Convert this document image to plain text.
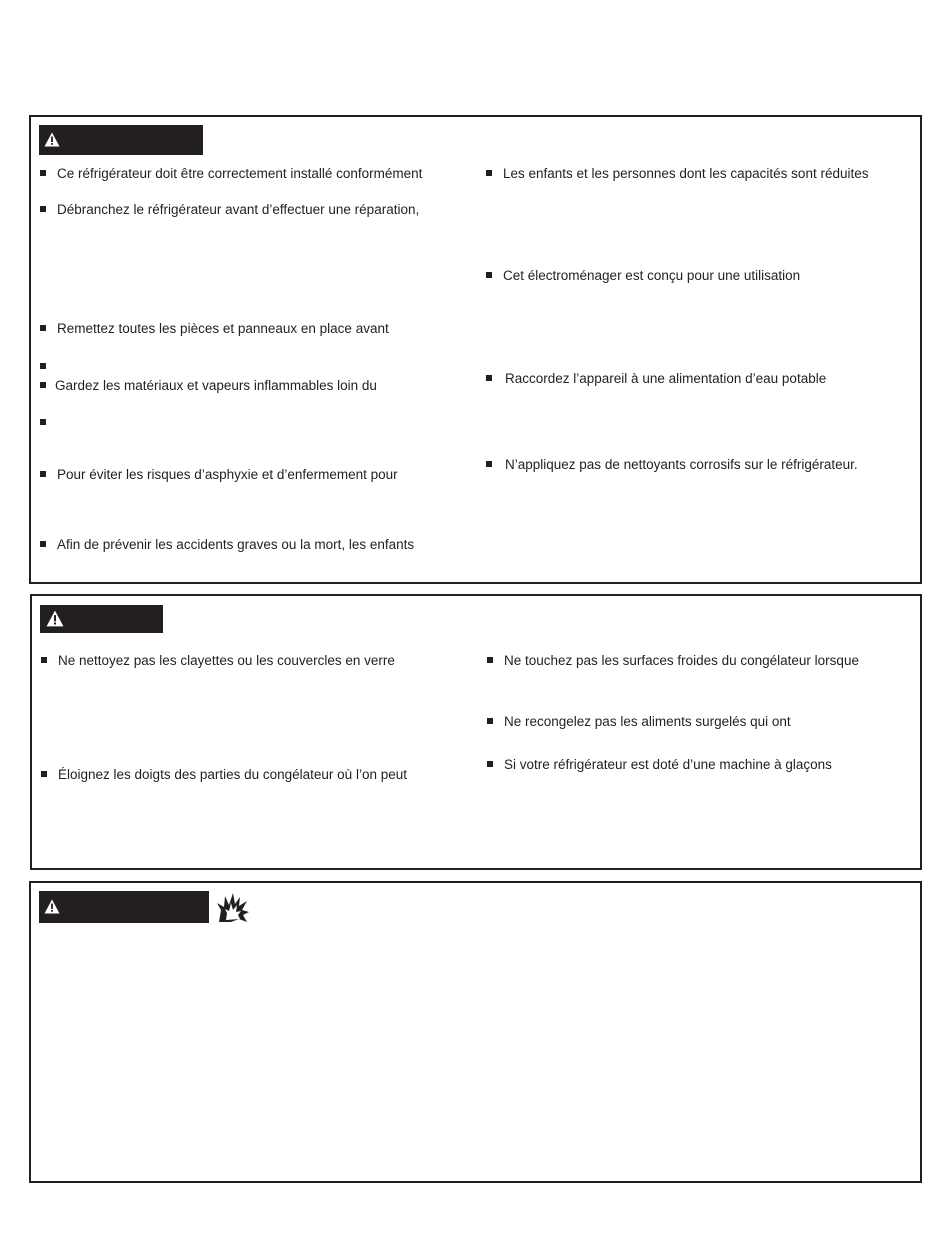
Ce réfrigérateur doit être correctement installé conformément
Débranchez le réfrigérateur avant d’effectuer une réparation,
Remettez toutes les pièces et panneaux en place avant
Gardez les matériaux et vapeurs inflammables loin du
Pour éviter les risques d’asphyxie et d’enfermement pour
Afin de prévenir les accidents graves ou la mort, les enfants
Les enfants et les personnes dont les capacités sont réduites
Cet électroménager est conçu pour une utilisation
Raccordez l’appareil à une alimentation d’eau potable
N’appliquez pas de nettoyants corrosifs sur le réfrigérateur.
Ne nettoyez pas les clayettes ou les couvercles en verre
Éloignez les doigts des parties du congélateur où l’on peut
Ne touchez pas les surfaces froides du congélateur lorsque
Ne recongelez pas les aliments surgelés qui ont
Si votre réfrigérateur est doté d’une machine à glaçons
